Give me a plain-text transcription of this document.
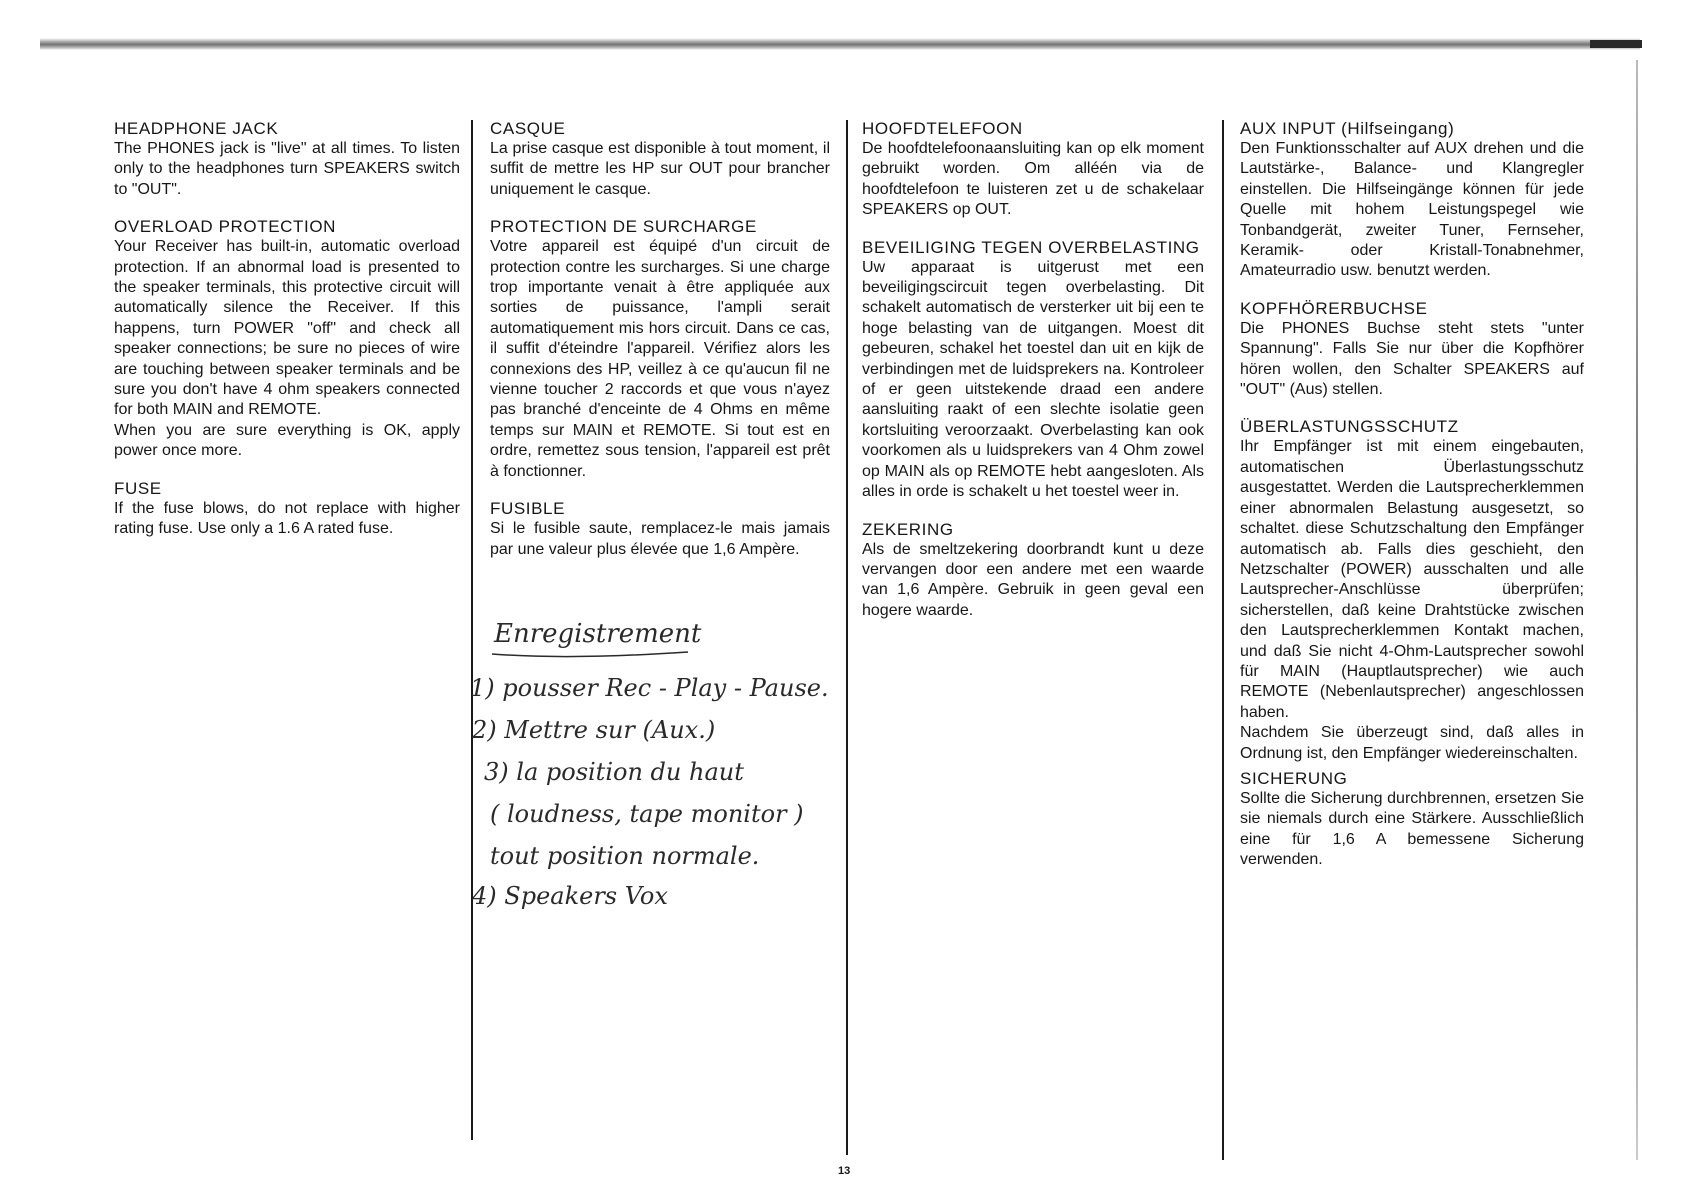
HEADPHONE JACK

The PHONES jack is "live" at all times. To listen only to the headphones turn SPEAKERS switch to "OUT".

OVERLOAD PROTECTION

Your Receiver has built-in, automatic overload protection. If an abnormal load is presented to the speaker terminals, this protective circuit will automatically silence the Receiver. If this happens, turn POWER "off" and check all speaker connections; be sure no pieces of wire are touching between speaker terminals and be sure you don't have 4 ohm speakers connected for both MAIN and REMOTE.

When you are sure everything is OK, apply power once more.

FUSE

If the fuse blows, do not replace with higher rating fuse. Use only a 1.6 A rated fuse.

CASQUE

La prise casque est disponible à tout moment, il suffit de mettre les HP sur OUT pour brancher uniquement le casque.

PROTECTION DE SURCHARGE

Votre appareil est équipé d'un circuit de protection contre les surcharges. Si une charge trop importante venait à être appliquée aux sorties de puissance, l'ampli serait automatiquement mis hors circuit. Dans ce cas, il suffit d'éteindre l'appareil. Vérifiez alors les connexions des HP, veillez à ce qu'aucun fil ne vienne toucher 2 raccords et que vous n'ayez pas branché d'enceinte de 4 Ohms en même temps sur MAIN et REMOTE. Si tout est en ordre, remettez sous tension, l'appareil est prêt à fonctionner.

FUSIBLE

Si le fusible saute, remplacez-le mais jamais par une valeur plus élevée que 1,6 Ampère.

HOOFDTELEFOON

De hoofdtelefoonaansluiting kan op elk moment gebruikt worden. Om alléén via de hoofdtelefoon te luisteren zet u de schakelaar SPEAKERS op OUT.

BEVEILIGING TEGEN OVERBELASTING

Uw apparaat is uitgerust met een beveiligingscircuit tegen overbelasting. Dit schakelt automatisch de versterker uit bij een te hoge belasting van de uitgangen. Moest dit gebeuren, schakel het toestel dan uit en kijk de verbindingen met de luidsprekers na. Kontroleer of er geen uitstekende draad een andere aansluiting raakt of een slechte isolatie geen kortsluiting veroorzaakt. Overbelasting kan ook voorkomen als u luidsprekers van 4 Ohm zowel op MAIN als op REMOTE hebt aangesloten. Als alles in orde is schakelt u het toestel weer in.

ZEKERING

Als de smeltzekering doorbrandt kunt u deze vervangen door een andere met een waarde van 1,6 Ampère. Gebruik in geen geval een hogere waarde.

AUX INPUT (Hilfseingang)

Den Funktionsschalter auf AUX drehen und die Lautstärke-, Balance- und Klangregler einstellen. Die Hilfseingänge können für jede Quelle mit hohem Leistungspegel wie Tonbandgerät, zweiter Tuner, Fernseher, Keramik- oder Kristall-Tonabnehmer, Amateurradio usw. benutzt werden.

KOPFHÖRERBUCHSE

Die PHONES Buchse steht stets "unter Spannung". Falls Sie nur über die Kopfhörer hören wollen, den Schalter SPEAKERS auf "OUT" (Aus) stellen.

ÜBERLASTUNGSSCHUTZ

Ihr Empfänger ist mit einem eingebauten, automatischen Überlastungsschutz ausgestattet. Werden die Lautsprecherklemmen einer abnormalen Belastung ausgesetzt, so schaltet. diese Schutzschaltung den Empfänger automatisch ab. Falls dies geschieht, den Netzschalter (POWER) ausschalten und alle Lautsprecher-Anschlüsse überprüfen; sicherstellen, daß keine Drahtstücke zwischen den Lautsprecherklemmen Kontakt machen, und daß Sie nicht 4-Ohm-Lautsprecher sowohl für MAIN (Hauptlautsprecher) wie auch REMOTE (Nebenlautsprecher) angeschlossen haben.

Nachdem Sie überzeugt sind, daß alles in Ordnung ist, den Empfänger wiedereinschalten.

SICHERUNG

Sollte die Sicherung durchbrennen, ersetzen Sie sie niemals durch eine Stärkere. Ausschließlich eine für 1,6 A bemessene Sicherung verwenden.

Enregistrement
1) pousser Rec - Play - Pause.
2) Mettre sur (Aux.)
3) la position du haut
( loudness, tape monitor )
tout position normale.
4) Speakers Vox
13
